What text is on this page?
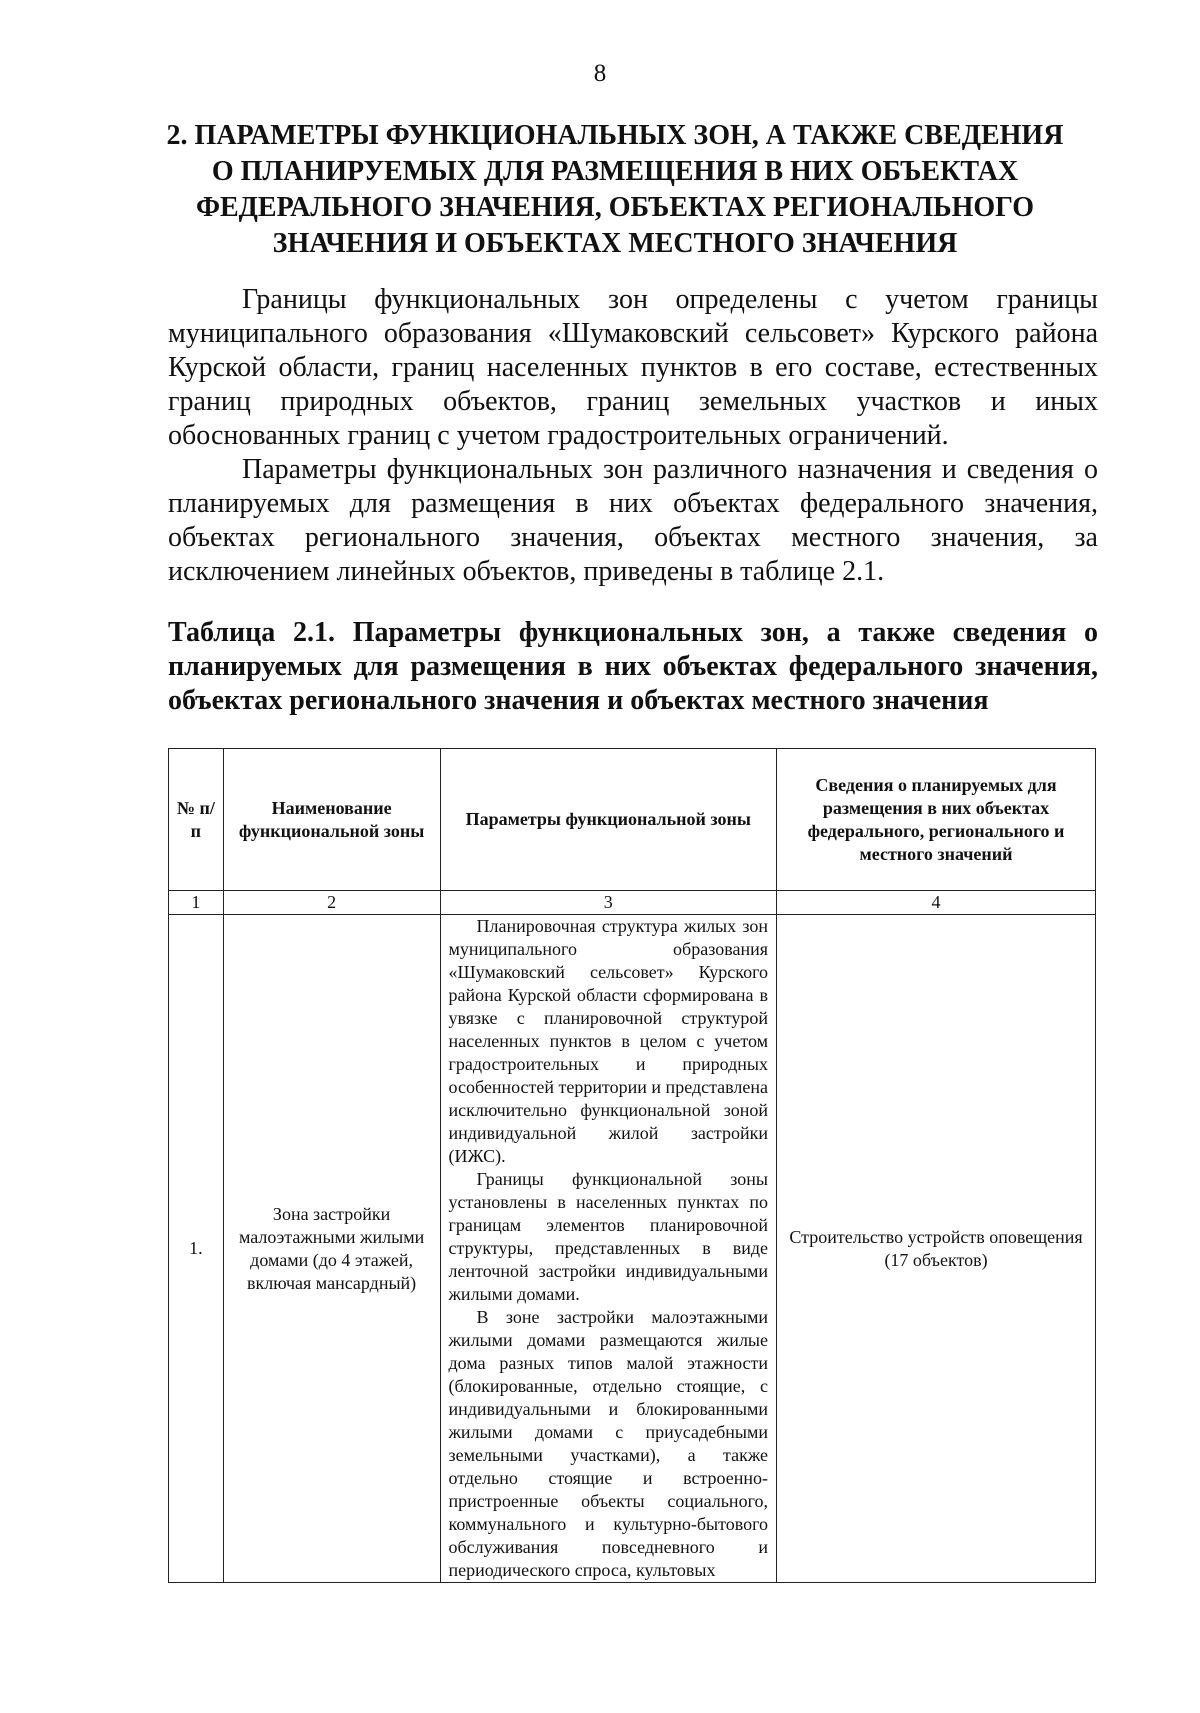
8
2. ПАРАМЕТРЫ ФУНКЦИОНАЛЬНЫХ ЗОН, А ТАКЖЕ СВЕДЕНИЯ
О ПЛАНИРУЕМЫХ ДЛЯ РАЗМЕЩЕНИЯ В НИХ ОБЪЕКТАХ
ФЕДЕРАЛЬНОГО ЗНАЧЕНИЯ, ОБЪЕКТАХ РЕГИОНАЛЬНОГО
ЗНАЧЕНИЯ И ОБЪЕКТАХ МЕСТНОГО ЗНАЧЕНИЯ

Границы функциональных зон определены с учетом границы муниципального образования «Шумаковский сельсовет» Курского района Курской области, границ населенных пунктов в его составе, естественных границ природных объектов, границ земельных участков и иных обоснованных границ с учетом градостроительных ограничений.

Параметры функциональных зон различного назначения и сведения о планируемых для размещения в них объектах федерального значения, объектах регионального значения, объектах местного значения, за исключением линейных объектов, приведены в таблице 2.1.

Таблица 2.1. Параметры функциональных зон, а также сведения о планируемых для размещения в них объектах федерального значения, объектах регионального значения и объектах местного значения
№ п/п	Наименование функциональной зоны	Параметры функциональной зоны	Сведения о планируемых для размещения в них объектах федерального, регионального и местного значений
1	2	3	4
1.	Зона застройки малоэтажными жилыми домами (до 4 этажей, включая мансардный)	Планировочная структура жилых зон муниципального образования «Шумаковский сельсовет» Курского района Курской области сформирована в увязке с планировочной структурой населенных пунктов в целом с учетом градостроительных и природных особенностей территории и представлена исключительно функциональной зоной индивидуальной жилой застройки (ИЖС).

Границы функциональной зоны установлены в населенных пунктах по границам элементов планировочной структуры, представленных в виде ленточной застройки индивидуальными жилыми домами.

В зоне застройки малоэтажными жилыми домами размещаются жилые дома разных типов малой этажности (блокированные, отдельно стоящие, с индивидуальными и блокированными жилыми домами с приусадебными земельными участками), а также отдельно стоящие и встроенно-пристроенные объекты социального, коммунального и культурно-бытового обслуживания повседневного и периодического спроса, культовых	Строительство устройств оповещения (17 объектов)
